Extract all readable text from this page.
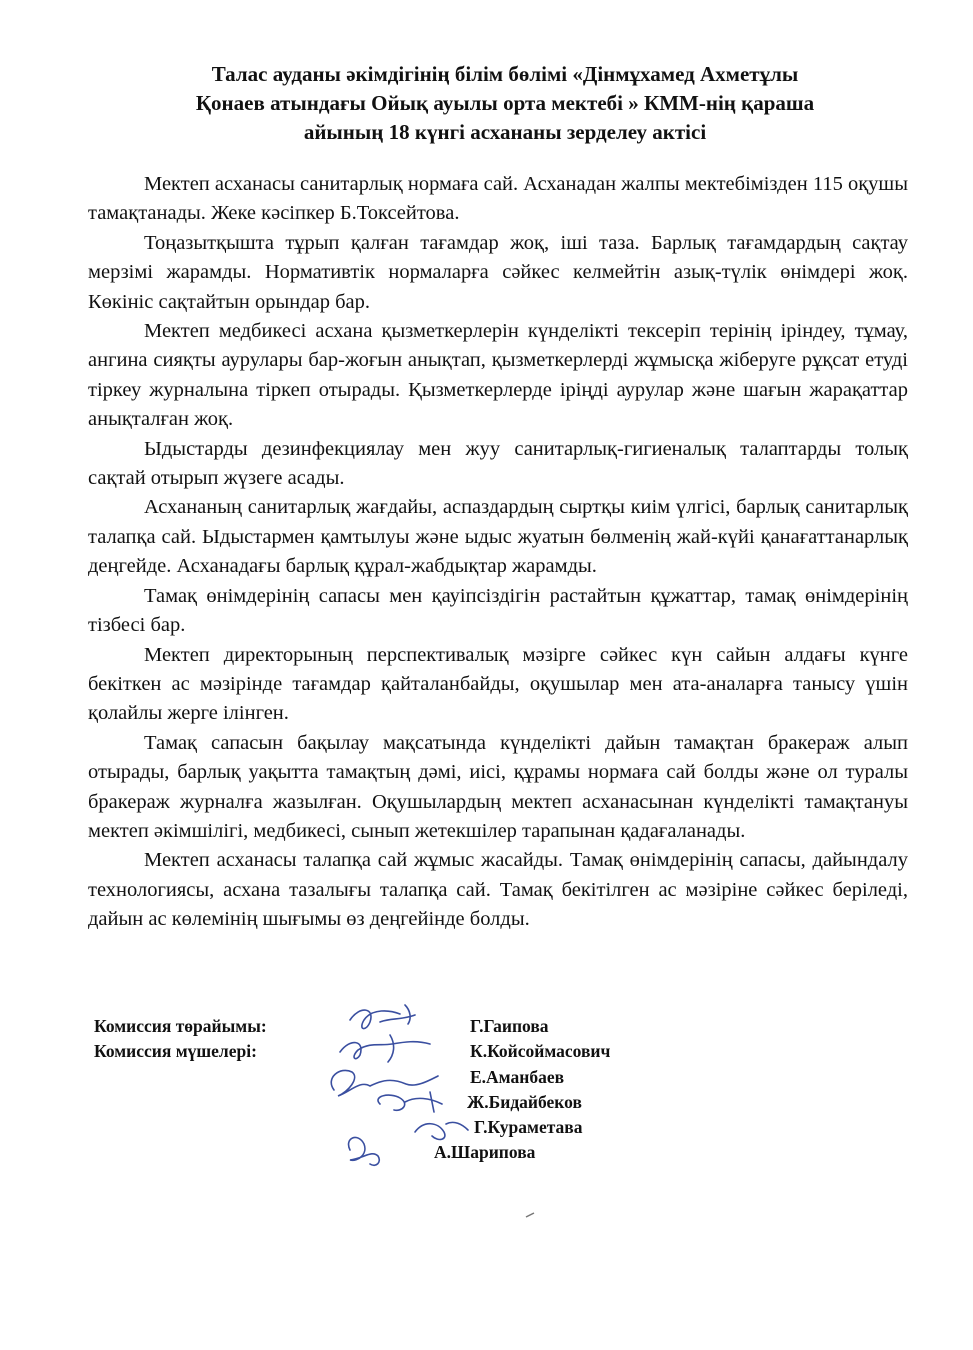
Талас ауданы әкімдігінің білім бөлімі «Дінмұхамед Ахметұлы
Қонаев атындағы Ойық ауылы орта мектебі » КММ-нің қараша
айының 18 күнгі асхананы зерделеу актісі

Мектеп асханасы санитарлық нормаға сай. Асханадан жалпы мектебімізден 115 оқушы тамақтанады. Жеке кәсіпкер Б.Токсейтова.

Тоңазытқышта тұрып қалған тағамдар жоқ, іші таза. Барлық тағамдардың сақтау мерзімі жарамды. Нормативтік нормаларға сәйкес келмейтін азық-түлік өнімдері жоқ. Көкініс сақтайтын орындар бар.

Мектеп медбикесі асхана қызметкерлерін күнделікті тексеріп терінің іріндеу, тұмау, ангина сияқты аурулары бар-жоғын анықтап, қызметкерлерді жұмысқа жіберуге рұқсат етуді тіркеу журналына тіркеп отырады. Қызметкерлерде іріңді аурулар және шағын жарақаттар анықталған жоқ.

Ыдыстарды дезинфекциялау мен жуу санитарлық-гигиеналық талаптарды толық сақтай отырып жүзеге асады.

Асхананың санитарлық жағдайы, аспаздардың сыртқы киім үлгісі, барлық санитарлық талапқа сай. Ыдыстармен қамтылуы және ыдыс жуатын бөлменің жай-күйі қанағаттанарлық деңгейде. Асханадағы барлық құрал-жабдықтар жарамды.

Тамақ өнімдерінің сапасы мен қауіпсіздігін растайтын құжаттар, тамақ өнімдерінің тізбесі бар.

Мектеп директорының перспективалық мәзірге сәйкес күн сайын алдағы күнге бекіткен ас мәзірінде тағамдар қайталанбайды, оқушылар мен ата-аналарға танысу үшін қолайлы жерге ілінген.

Тамақ сапасын бақылау мақсатында күнделікті дайын тамақтан бракераж алып отырады, барлық уақытта тамақтың дәмі, иісі, құрамы нормаға сай болды және ол туралы бракераж журналға жазылған. Оқушылардың мектеп асханасынан күнделікті тамақтануы мектеп әкімшілігі, медбикесі, сынып жетекшілер тарапынан қадағаланады.

Мектеп асханасы талапқа сай жұмыс жасайды. Тамақ өнімдерінің сапасы, дайындалу технологиясы, асхана тазалығы талапқа сай. Тамақ бекітілген ас мәзіріне сәйкес беріледі, дайын ас көлемінің шығымы өз деңгейінде болды.

Комиссия төрайымы:
Комиссия мүшелері:
Г.Гаипова
К.Койсоймасович
Е.Аманбаев
Ж.Бидайбеков
Г.Кураметава
А.Шарипова
